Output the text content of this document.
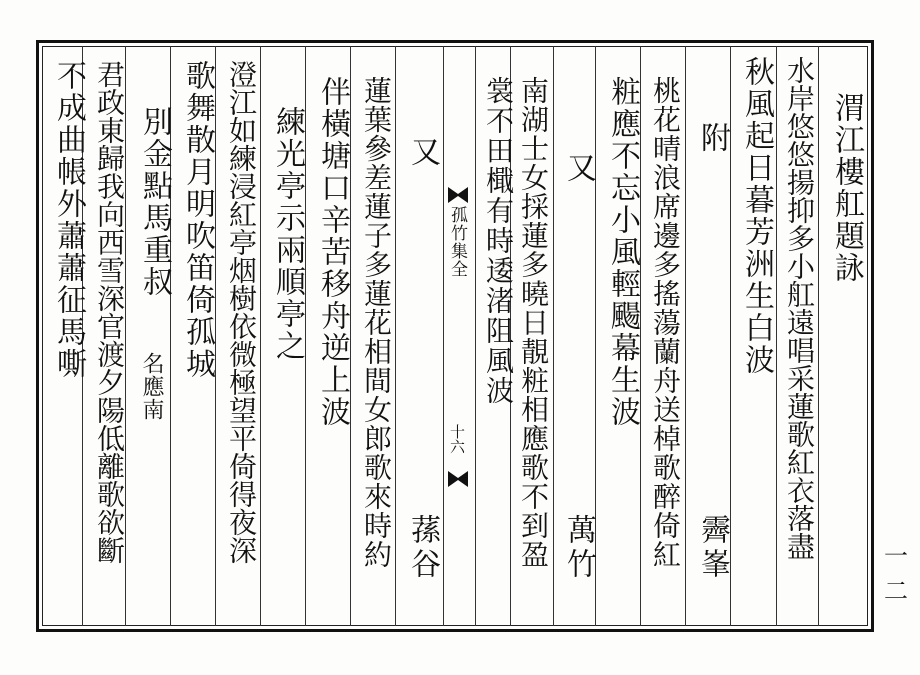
渭江樓舡題詠
水岸悠悠揚抑多小舡遠唱采蓮歌紅衣落盡
秋風起日暮芳洲生白波
附
霽峯
桃花晴浪席邊多搖蕩蘭舟送棹歌醉倚紅
粧應不忘小風輕颺幕生波
又
萬竹
南湖士女採蓮多曉日靚粧相應歌不到盈
裳不田檝有時逶渚阻風波
孤竹集全
十六
又
蓀谷
蓮葉參差蓮子多蓮花相間女郎歌來時約
伴橫塘口辛苦移舟逆上波
練光亭示兩順亭之
澄江如練浸紅亭烟樹依微極望平倚得夜深
歌舞散月明吹笛倚孤城
別金點馬重叔
名應南
君政東歸我向西雪深官渡夕陽低離歌欲斷
不成曲帳外蕭蕭征馬嘶
一二
